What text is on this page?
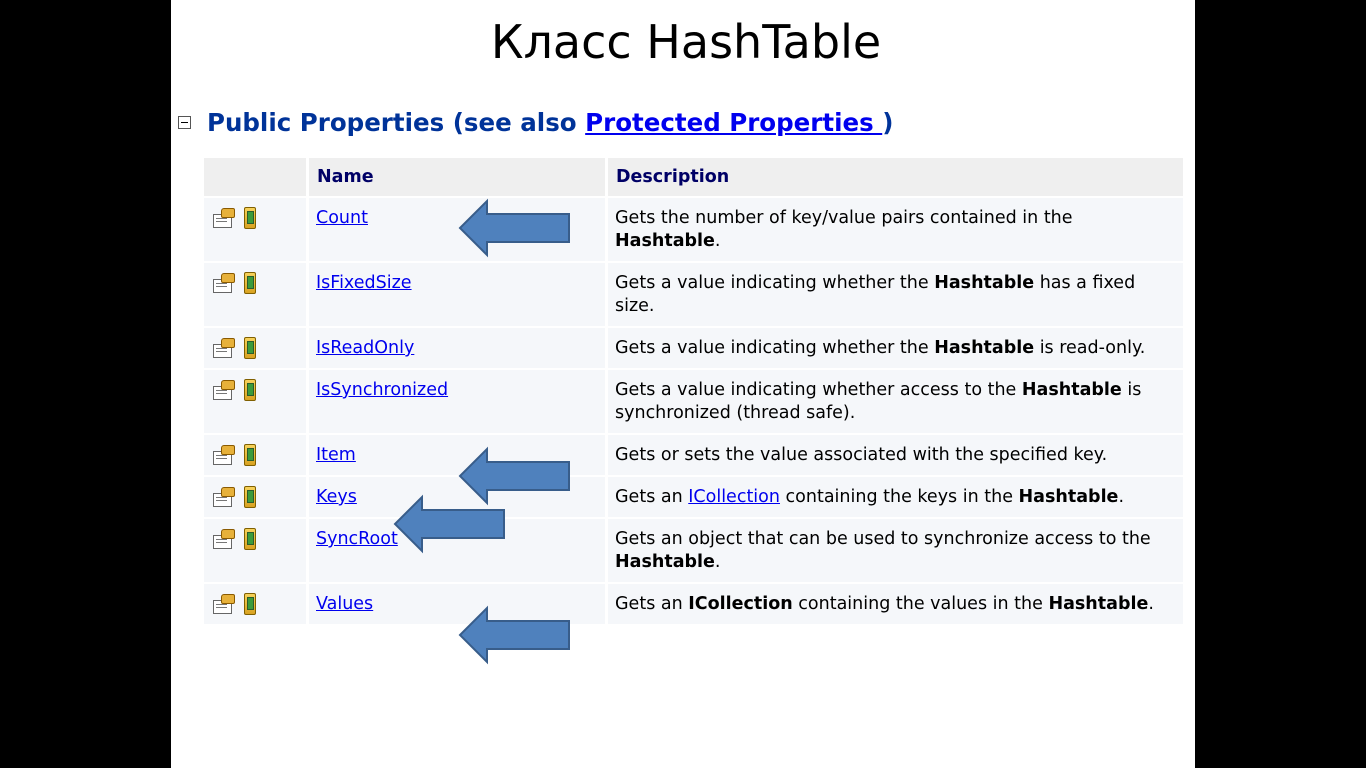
Класс HashTable
Public Properties (see also Protected Properties )
	Name	Description

	Count	Gets the number of key/value pairs contained in the Hashtable.

	IsFixedSize	Gets a value indicating whether the Hashtable has a fixed size.

	IsReadOnly	Gets a value indicating whether the Hashtable is read-only.

	IsSynchronized	Gets a value indicating whether access to the Hashtable is synchronized (thread safe).

	Item	Gets or sets the value associated with the specified key.

	Keys	Gets an ICollection containing the keys in the Hashtable.

	SyncRoot	Gets an object that can be used to synchronize access to the Hashtable.

	Values	Gets an ICollection containing the values in the Hashtable.
